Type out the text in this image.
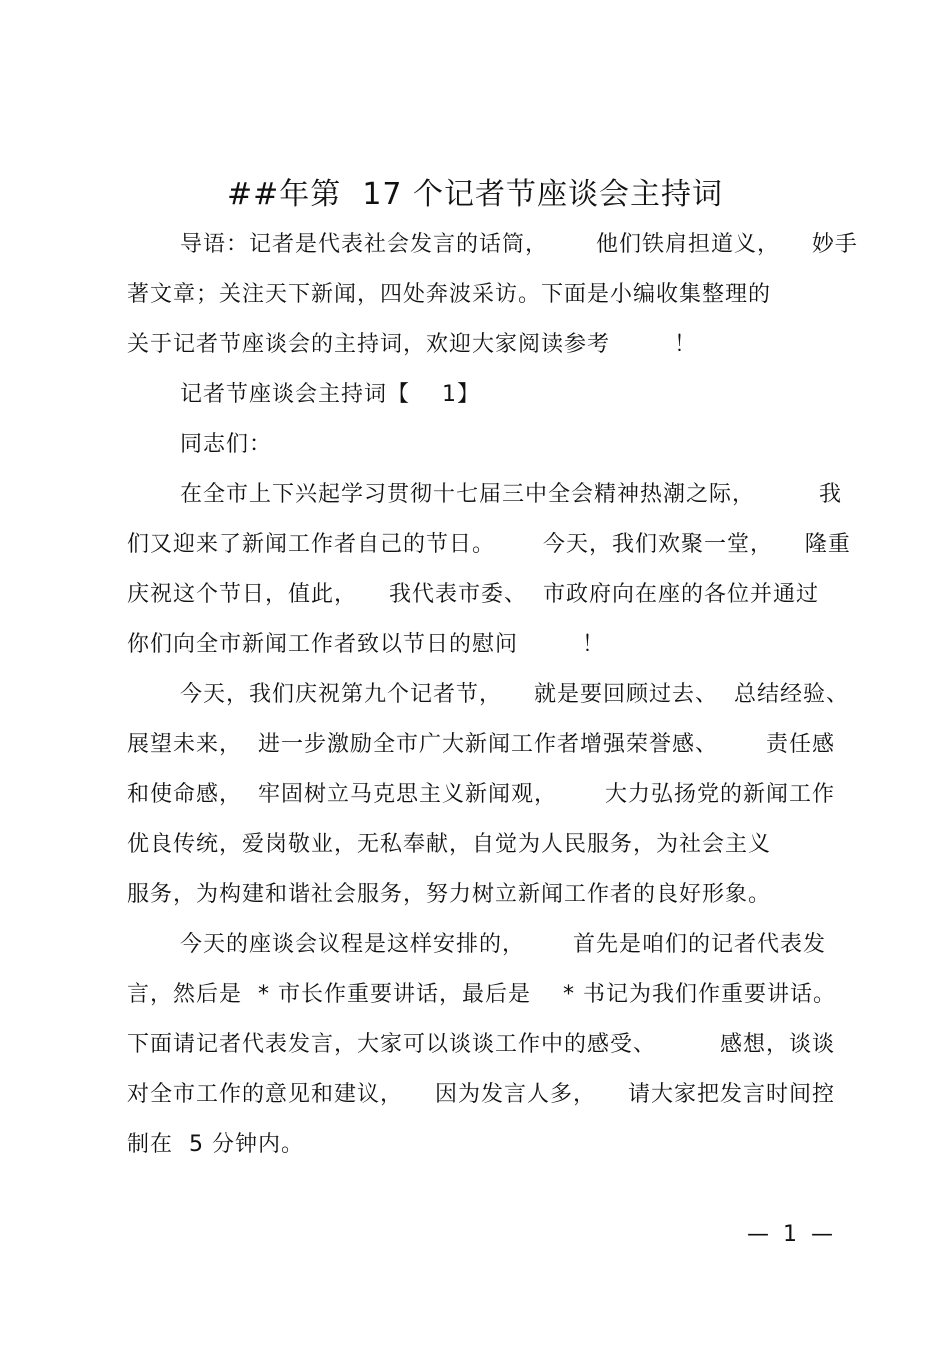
##年第  17 个记者节座谈会主持词
导语：记者是代表社会发言的话筒，      他们铁肩担道义，    妙手
著文章；关注天下新闻，四处奔波采访。下面是小编收集整理的
关于记者节座谈会的主持词，欢迎大家阅读参考        ！
记者节座谈会主持词【    1】
同志们：
在全市上下兴起学习贯彻十七届三中全会精神热潮之际，        我
们又迎来了新闻工作者自己的节日。      今天，我们欢聚一堂，    隆重
庆祝这个节日，值此，    我代表市委、  市政府向在座的各位并通过
你们向全市新闻工作者致以节日的慰问        ！
今天，我们庆祝第九个记者节，    就是要回顾过去、  总结经验、
展望未来，  进一步激励全市广大新闻工作者增强荣誉感、      责任感
和使命感，  牢固树立马克思主义新闻观，      大力弘扬党的新闻工作
优良传统，爱岗敬业，无私奉献，自觉为人民服务，为社会主义
服务，为构建和谐社会服务，努力树立新闻工作者的良好形象。
今天的座谈会议程是这样安排的，      首先是咱们的记者代表发
言，然后是  * 市长作重要讲话，最后是    * 书记为我们作重要讲话。
下面请记者代表发言，大家可以谈谈工作中的感受、        感想，谈谈
对全市工作的意见和建议，    因为发言人多，    请大家把发言时间控
制在  5 分钟内。
—  1  —
